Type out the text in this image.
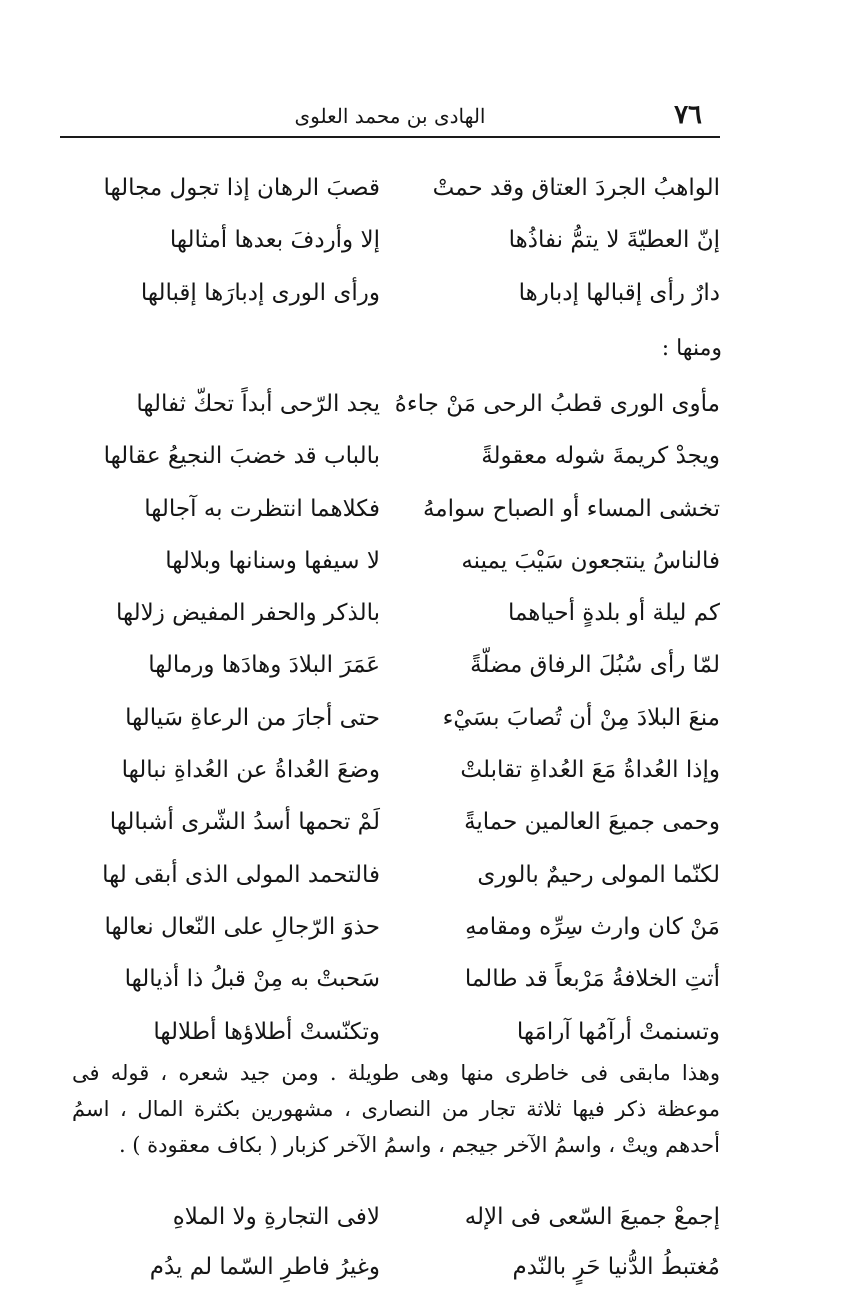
٧٦
الهادى بن محمد العلوى
الواهبُ الجردَ العتاق وقد حمتْ
قصبَ الرهان إذا تجول مجالها
إنّ العطيّةَ لا يتمُّ نفاذُها
إلا وأردفَ بعدها أمثالها
دارٌ رأى إقبالها إدبارها
ورأى الورى إدبارَها إقبالها
ومنها :
مأوى الورى قطبُ الرحى مَنْ جاءهُ
يجد الرّحى أبداً تحكّ ثفالها
ويجدْ كريمةَ شوله معقولةً
بالباب قد خضبَ النجيعُ عقالها
تخشى المساء أو الصباح سوامهُ
فكلاهما انتظرت به آجالها
فالناسُ ينتجعون سَيْبَ يمينه
لا سيفها وسنانها وبلالها
كم ليلة أو بلدةٍ أحياهما
بالذكر والحفر المفيض زلالها
لمّا رأى سُبُلَ الرفاق مضلّةً
عَمَرَ البلادَ وهادَها ورمالها
منعَ البلادَ مِنْ أن تُصابَ بسَيْء
حتى أجارَ من الرعاةِ سَيالها
وإذا العُداةُ مَعَ العُداةِ تقابلتْ
وضعَ العُداةُ عن العُداةِ نبالها
وحمى جميعَ العالمين حمايةً
لَمْ تحمها أسدُ الشّرى أشبالها
لكنّما المولى رحيمٌ بالورى
فالتحمد المولى الذى أبقى لها
مَنْ كان وارث سِرِّه ومقامهِ
حذوَ الرّجالِ على النّعال نعالها
أتتِ الخلافةُ مَرْبعاً قد طالما
سَحبتْ به مِنْ قبلُ ذا أذيالها
وتسنمتْ أرآمُها آرامَها
وتكنّستْ أطلاؤها أطلالها
وهذا مابقى فى خاطرى منها وهى طويلة . ومن جيد شعره ، قوله فى موعظة ذكر فيها ثلاثة تجار من النصارى ، مشهورين بكثرة المال ، اسمُ أحدهم ويتْ ، واسمُ الآخر جيجم ، واسمُ الآخر كزبار ( بكاف معقودة ) .
إجمعْ جميعَ السّعى فى الإله
لافى التجارةِ ولا الملاهِ
مُغتبطُ الدُّنيا حَرٍ بالنّدم
وغيرُ فاطرِ السّما لم يدُم
